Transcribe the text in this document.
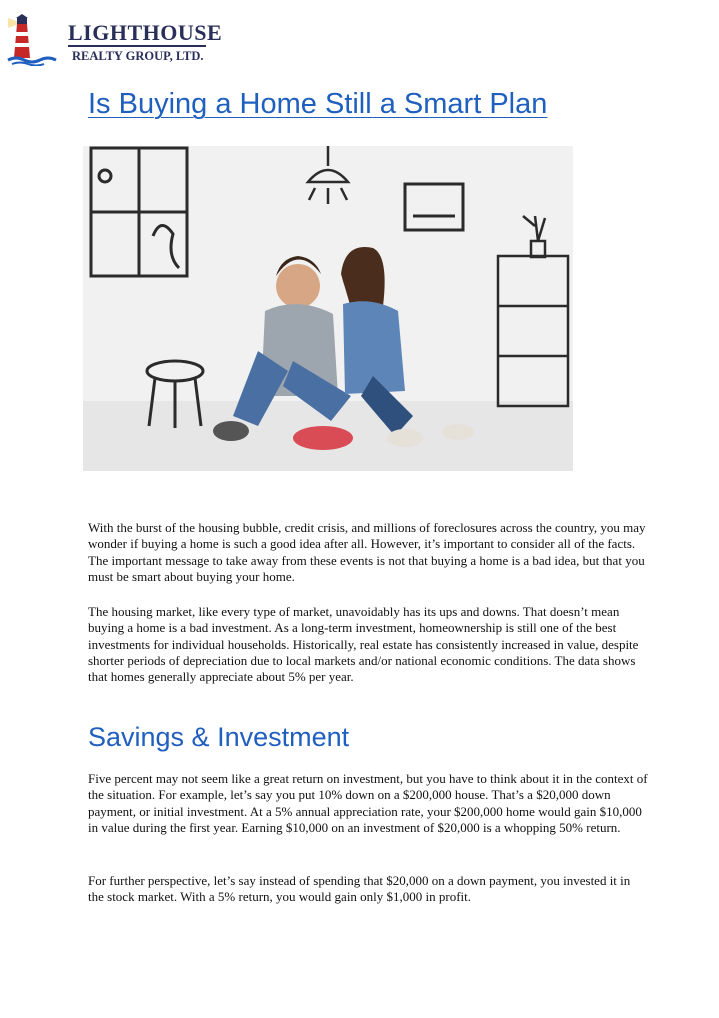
LIGHTHOUSE
REALTY GROUP, LTD.
Is Buying a Home Still a Smart Plan

With the burst of the housing bubble, credit crisis, and millions of foreclosures across the country, you may wonder if buying a home is such a good idea after all. However, it’s important to consider all of the facts. The important message to take away from these events is not that buying a home is a bad idea, but that you must be smart about buying your home.

The housing market, like every type of market, unavoidably has its ups and downs. That doesn’t mean buying a home is a bad investment. As a long-term investment, homeownership is still one of the best investments for individual households. Historically, real estate has consistently increased in value, despite shorter periods of depreciation due to local markets and/or national economic conditions. The data shows that homes generally appreciate about 5% per year.

Savings & Investment

Five percent may not seem like a great return on investment, but you have to think about it in the context of the situation. For example, let’s say you put 10% down on a $200,000 house. That’s a $20,000 down payment, or initial investment. At a 5% annual appreciation rate, your $200,000 home would gain $10,000 in value during the first year. Earning $10,000 on an investment of $20,000 is a whopping 50% return.

For further perspective, let’s say instead of spending that $20,000 on a down payment, you invested it in the stock market. With a 5% return, you would gain only $1,000 in profit.
